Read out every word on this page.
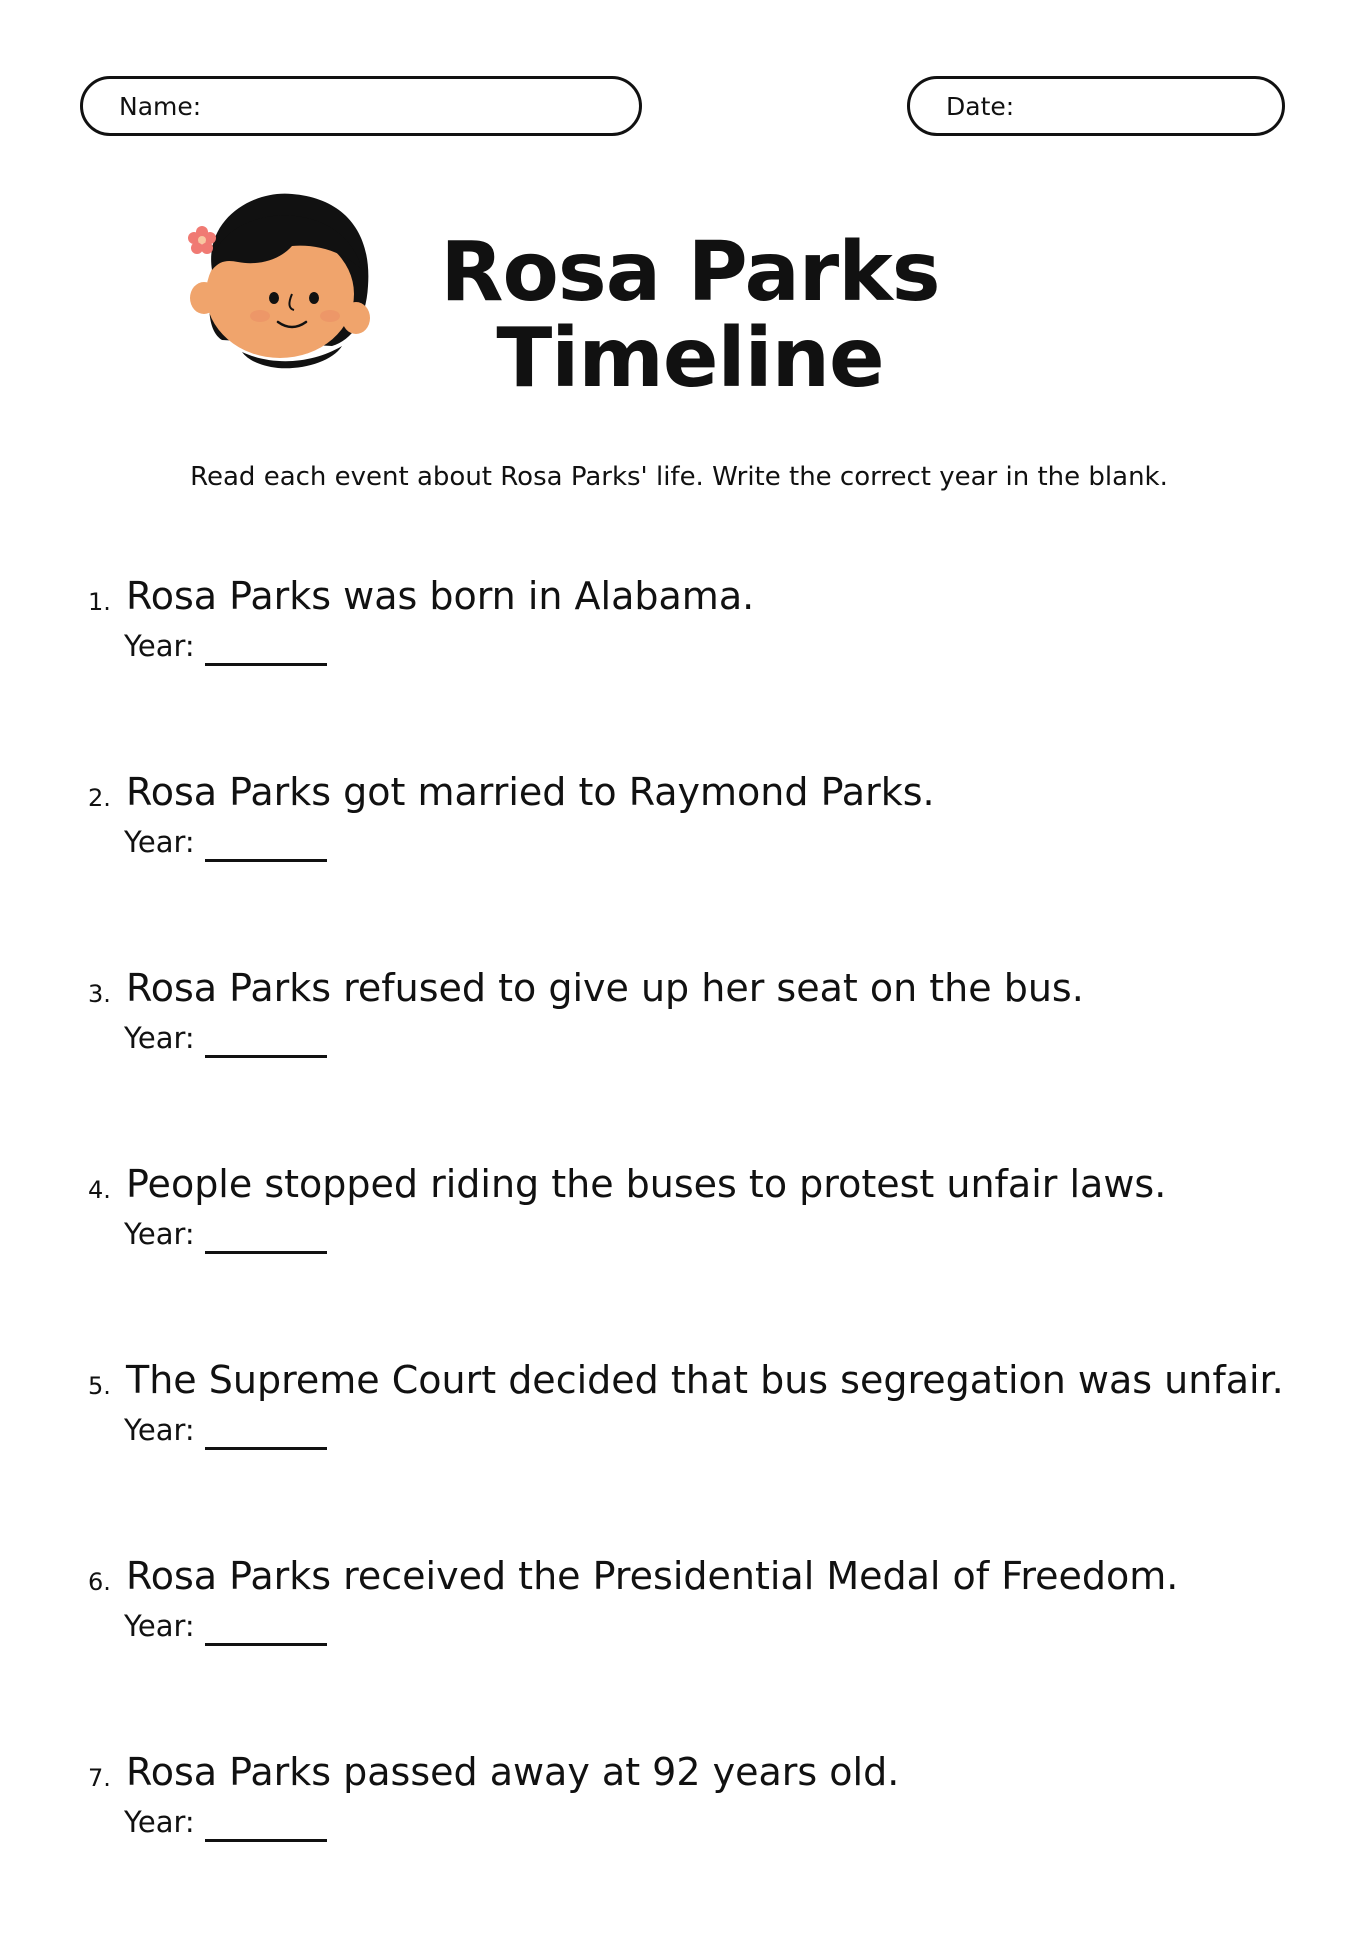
Name:	Date:
Rosa Parks
Timeline
Read each event about Rosa Parks' life. Write the correct year in the blank.
1. Rosa Parks was born in Alabama.
Year:
2. Rosa Parks got married to Raymond Parks.
Year:
3. Rosa Parks refused to give up her seat on the bus.
Year:
4. People stopped riding the buses to protest unfair laws.
Year:
5. The Supreme Court decided that bus segregation was unfair.
Year:
6. Rosa Parks received the Presidential Medal of Freedom.
Year:
7. Rosa Parks passed away at 92 years old.
Year:
